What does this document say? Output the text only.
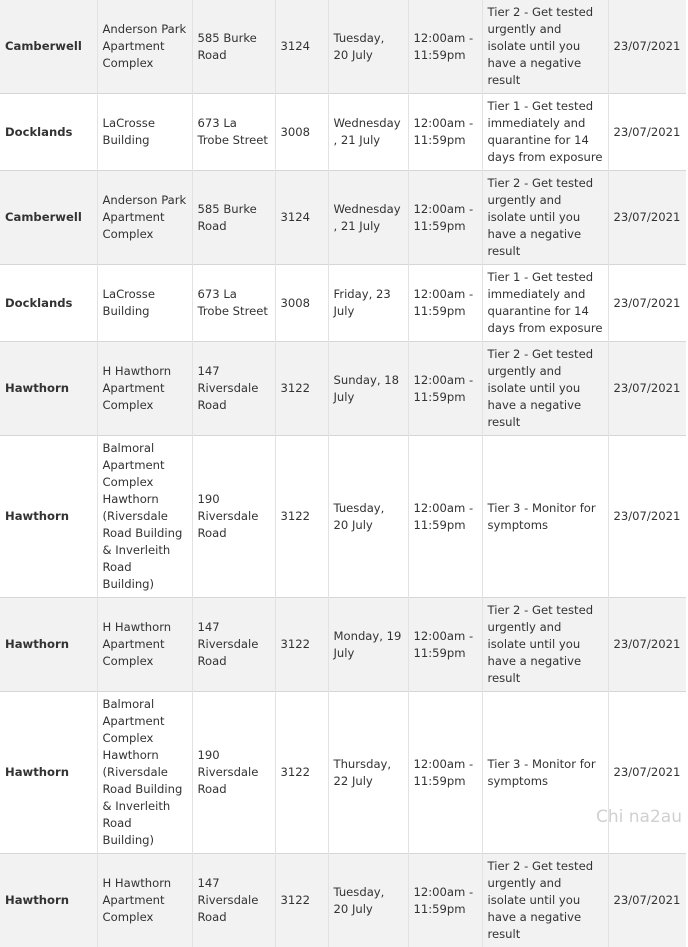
Camberwell	Anderson Park Apartment Complex	585 Burke Road	3124	Tuesday, 20 July	12:00am - 11:59pm	Tier 2 - Get tested urgently and isolate until you have a negative result	23/07/2021
Docklands	LaCrosse Building	673 La Trobe Street	3008	Wednesday, 21 July	12:00am - 11:59pm	Tier 1 - Get tested immediately and quarantine for 14 days from exposure	23/07/2021
Camberwell	Anderson Park Apartment Complex	585 Burke Road	3124	Wednesday, 21 July	12:00am - 11:59pm	Tier 2 - Get tested urgently and isolate until you have a negative result	23/07/2021
Docklands	LaCrosse Building	673 La Trobe Street	3008	Friday, 23 July	12:00am - 11:59pm	Tier 1 - Get tested immediately and quarantine for 14 days from exposure	23/07/2021
Hawthorn	H Hawthorn Apartment Complex	147 Riversdale Road	3122	Sunday, 18 July	12:00am - 11:59pm	Tier 2 - Get tested urgently and isolate until you have a negative result	23/07/2021
Hawthorn	Balmoral Apartment Complex Hawthorn (Riversdale Road Building & Inverleith Road Building)	190 Riversdale Road	3122	Tuesday, 20 July	12:00am - 11:59pm	Tier 3 - Monitor for symptoms	23/07/2021
Hawthorn	H Hawthorn Apartment Complex	147 Riversdale Road	3122	Monday, 19 July	12:00am - 11:59pm	Tier 2 - Get tested urgently and isolate until you have a negative result	23/07/2021
Hawthorn	Balmoral Apartment Complex Hawthorn (Riversdale Road Building & Inverleith Road Building)	190 Riversdale Road	3122	Thursday, 22 July	12:00am - 11:59pm	Tier 3 - Monitor for symptoms	23/07/2021
Hawthorn	H Hawthorn Apartment Complex	147 Riversdale Road	3122	Tuesday, 20 July	12:00am - 11:59pm	Tier 2 - Get tested urgently and isolate until you have a negative result	23/07/2021
Chi na2au
